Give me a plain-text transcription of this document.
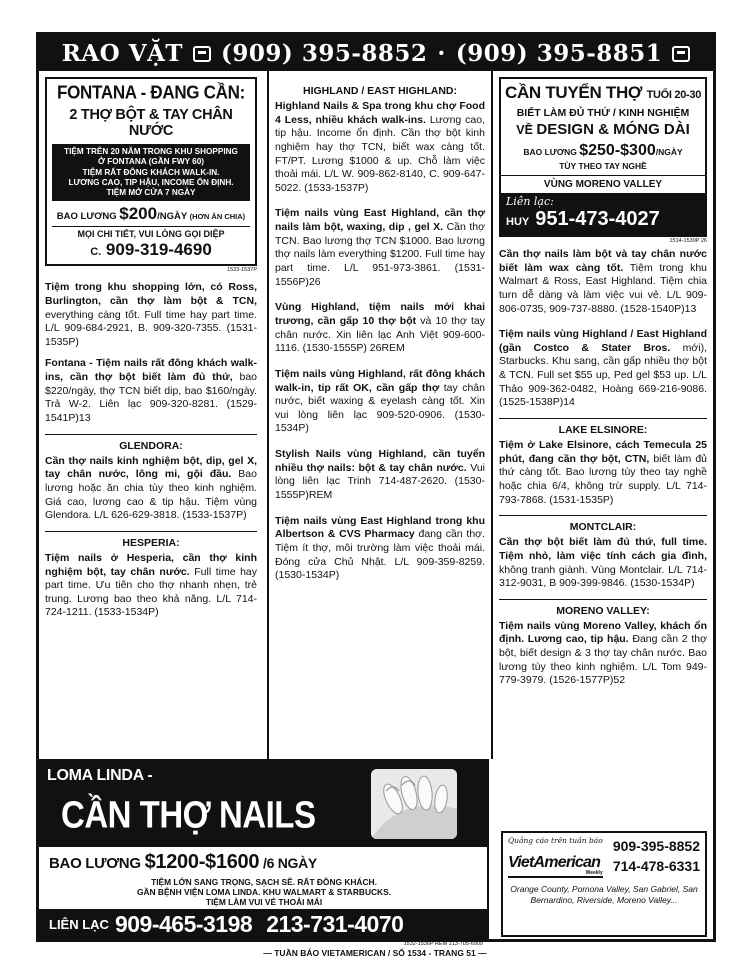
RAO VẶT (909) 395-8852 · (909) 395-8851
FONTANA - ĐANG CẦN:
2 THỢ BỘT & TAY CHÂN NƯỚC
TIỆM TRÊN 20 NĂM TRONG KHU SHOPPING
Ở FONTANA (GẦN FWY 60)
TIỆM RẤT ĐÔNG KHÁCH WALK-IN.
LƯƠNG CAO, TIP HẬU, INCOME ỔN ĐỊNH.
TIỆM MỞ CỬA 7 NGÀY
BAO LƯƠNG $200/NGÀY (HƠN ĂN CHIA)
MỌI CHI TIẾT, VUI LÒNG GỌI DIỆP
C. 909-319-4690
1533-1537P
Tiệm trong khu shopping lớn, có Ross, Burlington, cần thợ làm bột & TCN, everything càng tốt. Full time hay part time. L/L 909-684-2921, B. 909-320-7355. (1531-1535P)
Fontana - Tiệm nails rất đông khách walk-ins, cần thợ bột biết làm đủ thứ, bao $220/ngày, thợ TCN biết dip, bao $160/ngày. Trả W-2. Liên lạc 909-320-8281. (1529-1541P)13
GLENDORA:
Cần thợ nails kinh nghiệm bột, dip, gel X, tay chân nước, lông mi, gội đầu. Bao lương hoặc ăn chia tùy theo kinh nghiệm. Giá cao, lương cao & tip hậu. Tiệm vùng Glendora. L/L 626-629-3818. (1533-1537P)
HESPERIA:
Tiệm nails ở Hesperia, cần thợ kinh nghiệm bột, tay chân nước. Full time hay part time. Ưu tiên cho thợ nhanh nhẹn, trẻ trung. Lương bao theo khả năng. L/L 714-724-1211. (1533-1534P)
HIGHLAND / EAST HIGHLAND:
Highland Nails & Spa trong khu chợ Food 4 Less, nhiều khách walk-ins. Lương cao, tip hậu. Income ổn định. Cần thợ bột kinh nghiệm hay thợ TCN, biết wax càng tốt. FT/PT. Lương $1000 & up. Chỗ làm việc thoải mái. L/L W. 909-862-8140, C. 909-647-5022. (1533-1537P)
Tiệm nails vùng East Highland, cần thợ nails làm bột, waxing, dip , gel X. Cần thợ TCN. Bao lương thợ TCN $1000. Bao lương thợ nails làm everything $1200. Full time hay part time. L/L 951-973-3861. (1531-1556P)26
Vùng Highland, tiệm nails mới khai trương, cần gấp 10 thợ bột và 10 thợ tay chân nước. Xin liên lạc Anh Việt 909-600-1116. (1530-1555P) 26REM
Tiệm nails vùng Highland, rất đông khách walk-in, tip rất OK, cần gấp thợ tay chân nước, biết waxing & eyelash càng tốt. Xin vui lòng liên lạc 909-520-0906. (1530-1534P)
Stylish Nails vùng Highland, cần tuyển nhiều thợ nails: bột & tay chân nước. Vui lòng liên lạc Trinh 714-487-2620. (1530-1555P)REM
Tiệm nails vùng East Highland trong khu Albertson & CVS Pharmacy đang cần thợ. Tiệm ít thợ, môi trường làm việc thoải mái. Đóng cửa Chủ Nhật. L/L 909-359-8259. (1530-1534P)
CẦN TUYỂN THỢ TUỔI 20-30
BIẾT LÀM ĐỦ THỨ / KINH NGHIỆM
VỀ DESIGN & MÓNG DÀI
BAO LƯƠNG $250-$300/NGÀY
TÙY THEO TAY NGHỀ
VÙNG MORENO VALLEY
Liên lạc:
HUY 951-473-4027
1514-1539P 26
Cần thợ nails làm bột và tay chân nước biết làm wax càng tốt. Tiệm trong khu Walmart & Ross, East Highland. Tiệm chia turn dễ dàng và làm việc vui vẻ. L/L 909-806-0735, 909-737-8880. (1528-1540P)13
Tiệm nails vùng Highland / East Highland (gần Costco & Stater Bros. mới), Starbucks. Khu sang, cần gấp nhiều thợ bột & TCN. Full set $55 up, Ped gel $53 up. L/L Thảo 909-362-0482, Hoàng 669-216-9086. (1525-1538P)14
LAKE ELSINORE:
Tiệm ở Lake Elsinore, cách Temecula 25 phút, đang cần thợ bột, CTN, biết làm đủ thứ càng tốt. Bao lương tùy theo tay nghề hoặc chia 6/4, không trừ supply. L/L 714-793-7868. (1531-1535P)
MONTCLAIR:
Cần thợ bột biết làm đủ thứ, full time. Tiệm nhỏ, làm việc tính cách gia đình, không tranh giành. Vùng Montclair. L/L 714-312-9031, B 909-399-9846. (1530-1534P)
MORENO VALLEY:
Tiệm nails vùng Moreno Valley, khách ổn định. Lương cao, tip hậu. Đang cần 2 thợ bột, biết design & 3 thợ tay chân nước. Bao lương tùy theo kinh nghiệm. L/L Tom 949-779-3979. (1526-1577P)52
LOMA LINDA -
CẦN THỢ NAILS
BAO LƯƠNG $1200-$1600 /6 NGÀY
TIỆM LỚN SANG TRỌNG, SẠCH SẼ. RẤT ĐÔNG KHÁCH.
GẦN BỆNH VIỆN LOMA LINDA. KHU WALMART & STARBUCKS.
TIỆM LÀM VUI VẺ THOẢI MÁI
LIÊN LẠC 909-465-3198 213-731-4070
1532-1536P REM 213-705-6909
Quảng cáo trên tuần báo
VietAmerican
Weekly
909-395-8852
714-478-6331
Orange County, Pomona Valley, San Gabriel, San Bernardino, Riverside, Moreno Valley...
— TUẦN BÁO VIETAMERICAN / SỐ 1534 - TRANG 51 —
